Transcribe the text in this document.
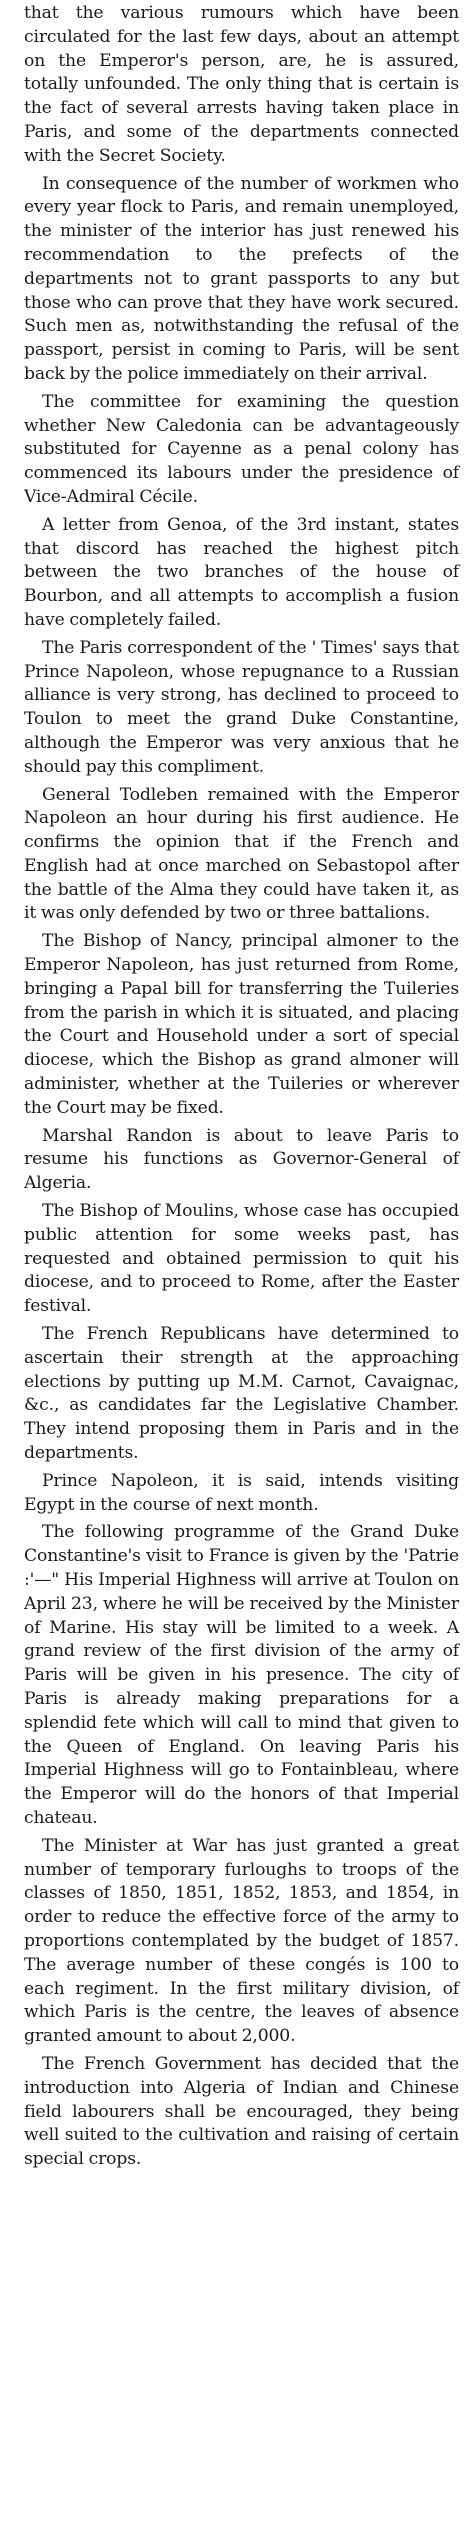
that the various rumours which have been circulated for the last few days, about an attempt on the Emperor's person, are, he is assured, totally unfounded. The only thing that is certain is the fact of several arrests having taken place in Paris, and some of the departments connected with the Secret Society.

In consequence of the number of workmen who every year flock to Paris, and remain unemployed, the minister of the interior has just renewed his recommendation to the prefects of the departments not to grant passports to any but those who can prove that they have work secured. Such men as, notwithstanding the refusal of the passport, persist in coming to Paris, will be sent back by the police immediately on their arrival.

The committee for examining the question whether New Caledonia can be advantageously substituted for Cayenne as a penal colony has commenced its labours under the presidence of Vice-Admiral Cécile.

A letter from Genoa, of the 3rd instant, states that discord has reached the highest pitch between the two branches of the house of Bourbon, and all attempts to accomplish a fusion have completely failed.

The Paris correspondent of the ' Times' says that Prince Napoleon, whose repugnance to a Russian alliance is very strong, has declined to proceed to Toulon to meet the grand Duke Constantine, although the Emperor was very anxious that he should pay this compliment.

General Todleben remained with the Emperor Napoleon an hour during his first audience. He confirms the opinion that if the French and English had at once marched on Sebastopol after the battle of the Alma they could have taken it, as it was only defended by two or three battalions.

The Bishop of Nancy, principal almoner to the Emperor Napoleon, has just returned from Rome, bringing a Papal bill for transferring the Tuileries from the parish in which it is situated, and placing the Court and Household under a sort of special diocese, which the Bishop as grand almoner will administer, whether at the Tuileries or wherever the Court may be fixed.

Marshal Randon is about to leave Paris to resume his functions as Governor-General of Algeria.

The Bishop of Moulins, whose case has occupied public attention for some weeks past, has requested and obtained permission to quit his diocese, and to proceed to Rome, after the Easter festival.

The French Republicans have determined to ascertain their strength at the approaching elections by putting up M.M. Carnot, Cavaignac, &c., as candidates far the Legislative Chamber. They intend proposing them in Paris and in the departments.

Prince Napoleon, it is said, intends visiting Egypt in the course of next month.

The following programme of the Grand Duke Constantine's visit to France is given by the 'Patrie :'—" His Imperial Highness will arrive at Toulon on April 23, where he will be received by the Minister of Marine. His stay will be limited to a week. A grand review of the first division of the army of Paris will be given in his presence. The city of Paris is already making preparations for a splendid fete which will call to mind that given to the Queen of England. On leaving Paris his Imperial Highness will go to Fontainbleau, where the Emperor will do the honors of that Imperial chateau.

The Minister at War has just granted a great number of temporary furloughs to troops of the classes of 1850, 1851, 1852, 1853, and 1854, in order to reduce the effective force of the army to proportions contemplated by the budget of 1857. The average number of these congés is 100 to each regiment. In the first military division, of which Paris is the centre, the leaves of absence granted amount to about 2,000.

The French Government has decided that the introduction into Algeria of Indian and Chinese field labourers shall be encouraged, they being well suited to the cultivation and raising of certain special crops.
